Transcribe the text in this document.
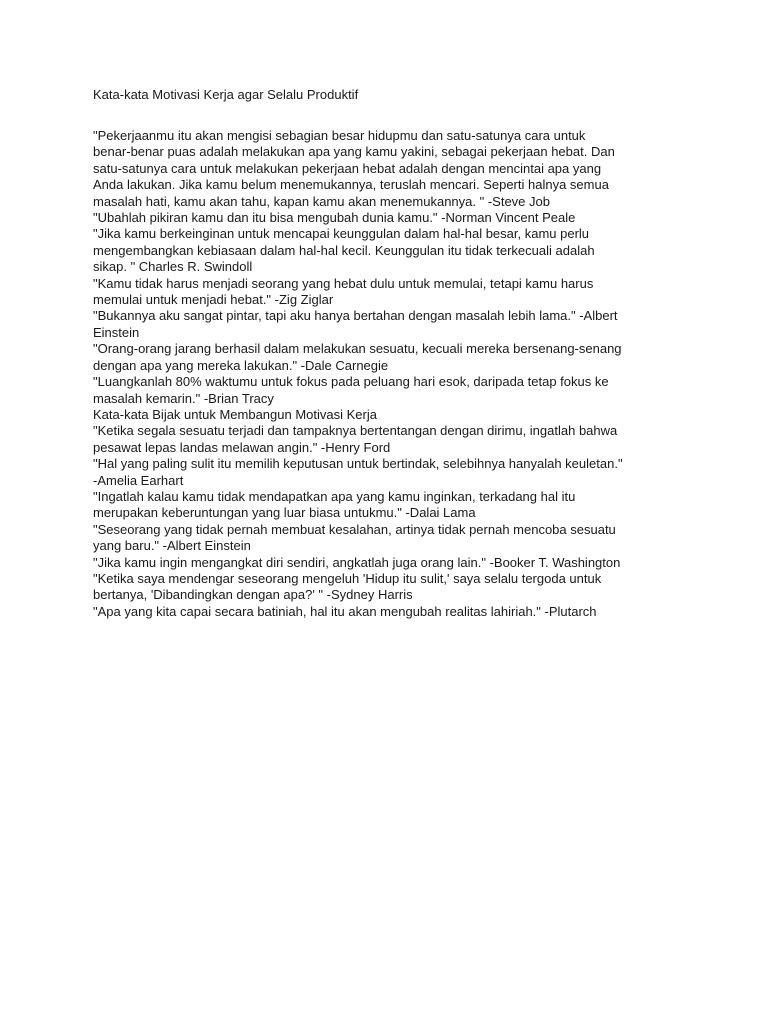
Kata-kata Motivasi Kerja agar Selalu Produktif
"Pekerjaanmu itu akan mengisi sebagian besar hidupmu dan satu-satunya cara untuk
benar-benar puas adalah melakukan apa yang kamu yakini, sebagai pekerjaan hebat. Dan
satu-satunya cara untuk melakukan pekerjaan hebat adalah dengan mencintai apa yang
Anda lakukan. Jika kamu belum menemukannya, teruslah mencari. Seperti halnya semua
masalah hati, kamu akan tahu, kapan kamu akan menemukannya. " -Steve Job
"Ubahlah pikiran kamu dan itu bisa mengubah dunia kamu." -Norman Vincent Peale
"Jika kamu berkeinginan untuk mencapai keunggulan dalam hal-hal besar, kamu perlu
mengembangkan kebiasaan dalam hal-hal kecil. Keunggulan itu tidak terkecuali adalah
sikap. " Charles R. Swindoll
"Kamu tidak harus menjadi seorang yang hebat dulu untuk memulai, tetapi kamu harus
memulai untuk menjadi hebat." -Zig Ziglar
"Bukannya aku sangat pintar, tapi aku hanya bertahan dengan masalah lebih lama." -Albert
Einstein
"Orang-orang jarang berhasil dalam melakukan sesuatu, kecuali mereka bersenang-senang
dengan apa yang mereka lakukan." -Dale Carnegie
"Luangkanlah 80% waktumu untuk fokus pada peluang hari esok, daripada tetap fokus ke
masalah kemarin." -Brian Tracy
Kata-kata Bijak untuk Membangun Motivasi Kerja
"Ketika segala sesuatu terjadi dan tampaknya bertentangan dengan dirimu, ingatlah bahwa
pesawat lepas landas melawan angin." -Henry Ford
"Hal yang paling sulit itu memilih keputusan untuk bertindak, selebihnya hanyalah keuletan."
-Amelia Earhart
"Ingatlah kalau kamu tidak mendapatkan apa yang kamu inginkan, terkadang hal itu
merupakan keberuntungan yang luar biasa untukmu." -Dalai Lama
"Seseorang yang tidak pernah membuat kesalahan, artinya tidak pernah mencoba sesuatu
yang baru." -Albert Einstein
"Jika kamu ingin mengangkat diri sendiri, angkatlah juga orang lain." -Booker T. Washington
"Ketika saya mendengar seseorang mengeluh 'Hidup itu sulit,' saya selalu tergoda untuk
bertanya, 'Dibandingkan dengan apa?' " -Sydney Harris
"Apa yang kita capai secara batiniah, hal itu akan mengubah realitas lahiriah." -Plutarch
